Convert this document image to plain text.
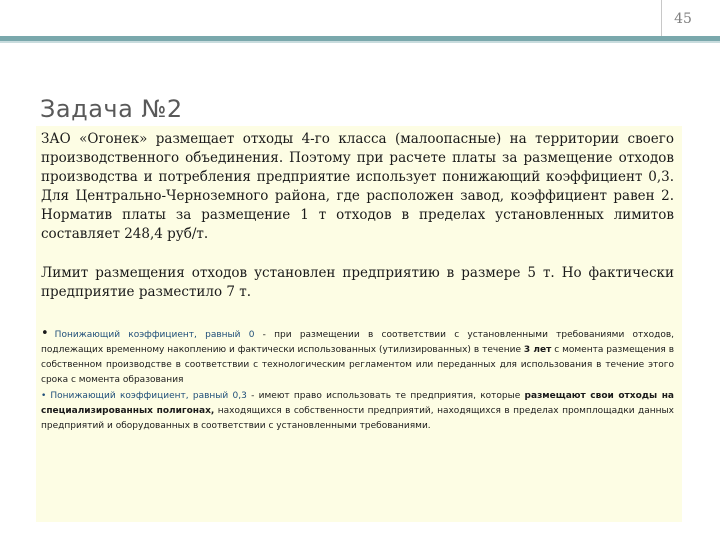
45
Задача №2

ЗАО «Огонек» размещает отходы 4-го класса (малоопасные) на территории своего производственного объединения. Поэтому при расчете платы за размещение отходов производства и потребления предприятие использует понижающий коэффициент 0,3. Для Центрально-Черноземного района, где расположен завод, коэффициент равен 2. Норматив платы за размещение 1 т отходов в пределах установленных лимитов составляет 248,4 руб/т.

Лимит размещения отходов установлен предприятию в размере 5 т. Но фактически предприятие разместило 7 т.

• Понижающий коэффициент, равный 0 - при размещении в соответствии с установленными требованиями отходов, подлежащих временному накоплению и фактически использованных (утилизированных) в течение 3 лет с момента размещения в собственном производстве в соответствии с технологическим регламентом или переданных для использования в течение этого срока с момента образования

• Понижающий коэффициент, равный 0,3 - имеют право использовать те предприятия, которые размещают свои отходы на специализированных полигонах, находящихся в собственности предприятий, находящихся в пределах промплощадки данных предприятий и оборудованных в соответствии с установленными требованиями.
